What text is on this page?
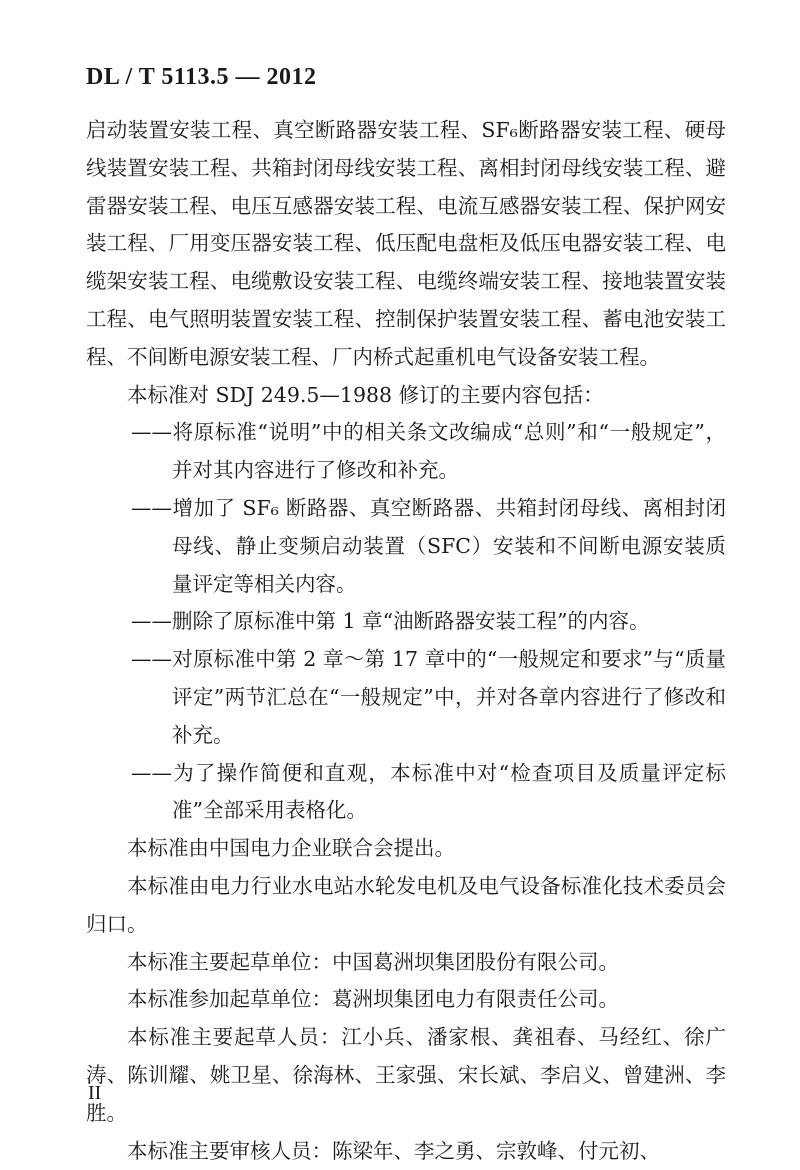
DL / T 5113.5 — 2012

启动装置安装工程、真空断路器安装工程、SF₆断路器安装工程、硬母线装置安装工程、共箱封闭母线安装工程、离相封闭母线安装工程、避雷器安装工程、电压互感器安装工程、电流互感器安装工程、保护网安装工程、厂用变压器安装工程、低压配电盘柜及低压电器安装工程、电缆架安装工程、电缆敷设安装工程、电缆终端安装工程、接地装置安装工程、电气照明装置安装工程、控制保护装置安装工程、蓄电池安装工程、不间断电源安装工程、厂内桥式起重机电气设备安装工程。

本标准对 SDJ 249.5—1988 修订的主要内容包括：

——将原标准“说明”中的相关条文改编成“总则”和“一般规定”，并对其内容进行了修改和补充。

——增加了 SF₆ 断路器、真空断路器、共箱封闭母线、离相封闭母线、静止变频启动装置（SFC）安装和不间断电源安装质量评定等相关内容。

——删除了原标准中第 1 章“油断路器安装工程”的内容。

——对原标准中第 2 章～第 17 章中的“一般规定和要求”与“质量评定”两节汇总在“一般规定”中，并对各章内容进行了修改和补充。

——为了操作简便和直观，本标准中对“检查项目及质量评定标准”全部采用表格化。

本标准由中国电力企业联合会提出。

本标准由电力行业水电站水轮发电机及电气设备标准化技术委员会归口。

本标准主要起草单位：中国葛洲坝集团股份有限公司。

本标准参加起草单位：葛洲坝集团电力有限责任公司。

本标准主要起草人员：江小兵、潘家根、龚祖春、马经红、徐广涛、陈训耀、姚卫星、徐海林、王家强、宋长斌、李启义、曾建洲、李胜。

本标准主要审核人员：陈梁年、李之勇、宗敦峰、付元初、

II
